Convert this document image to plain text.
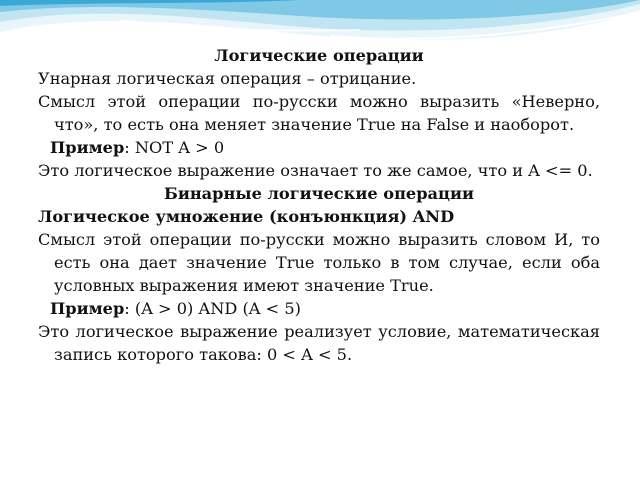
Логические операции

Унарная логическая операция – отрицание.

Смысл этой операции по-русски можно выразить «Неверно, что», то есть она меняет значение True на False и наоборот.

Пример: NOT A > 0

Это логическое выражение означает то же самое, что и A <= 0.

Бинарные логические операции

Логическое умножение (конъюнкция) AND

Смысл этой операции по-русски можно выразить словом И, то есть она дает значение True только в том случае, если оба условных выражения имеют значение True.

Пример: (A > 0) AND (A < 5)

Это логическое выражение реализует условие, математическая запись которого такова: 0 < A < 5.
